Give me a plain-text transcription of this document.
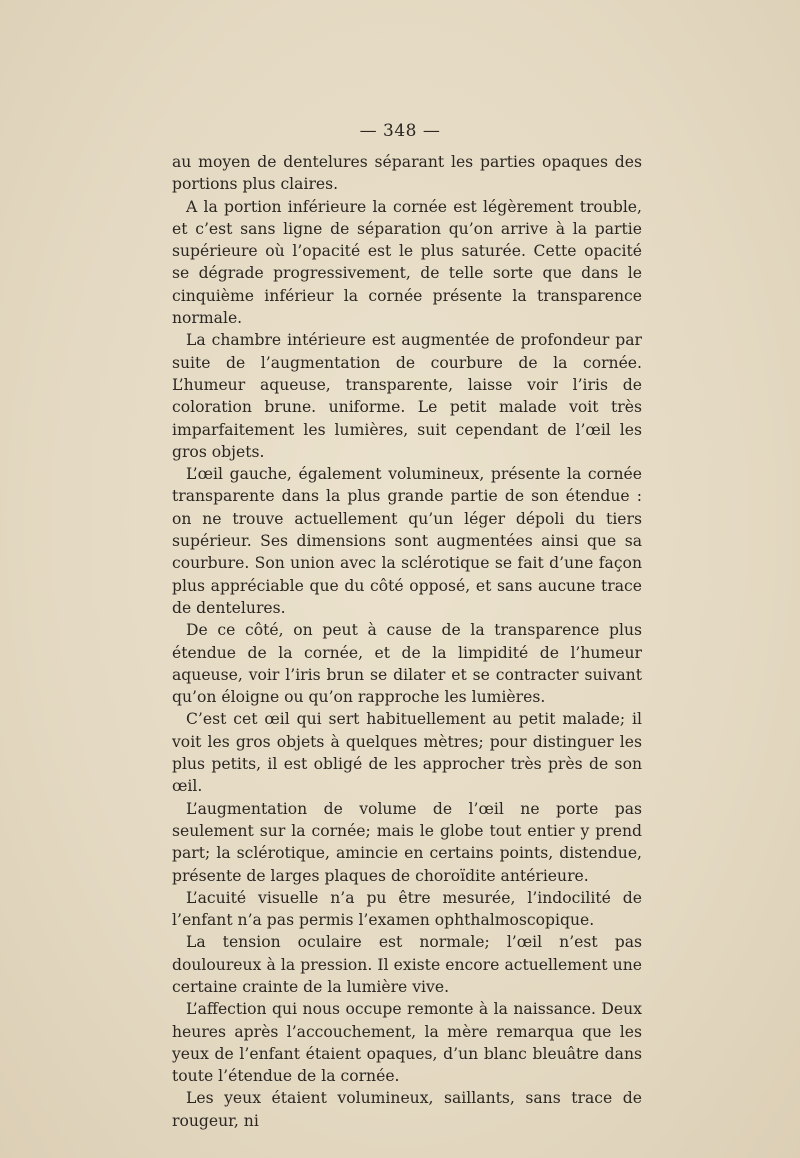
— 348 —

au moyen de dentelures séparant les parties opaques des portions plus claires.

A la portion inférieure la cornée est légèrement trouble, et c’est sans ligne de séparation qu’on arrive à la partie supérieure où l’opacité est le plus saturée. Cette opacité se dégrade progressivement, de telle sorte que dans le cinquième inférieur la cornée présente la transparence normale.

La chambre intérieure est augmentée de profondeur par suite de l’augmentation de courbure de la cornée. L’humeur aqueuse, transparente, laisse voir l’iris de coloration brune. uniforme. Le petit malade voit très imparfaitement les lumières, suit cependant de l’œil les gros objets.

L’œil gauche, également volumineux, présente la cornée transparente dans la plus grande partie de son étendue : on ne trouve actuellement qu’un léger dépoli du tiers supérieur. Ses dimensions sont augmentées ainsi que sa courbure. Son union avec la sclérotique se fait d’une façon plus appréciable que du côté opposé, et sans aucune trace de dentelures.

De ce côté, on peut à cause de la transparence plus étendue de la cornée, et de la limpidité de l’humeur aqueuse, voir l’iris brun se dilater et se contracter suivant qu’on éloigne ou qu’on rapproche les lumières.

C’est cet œil qui sert habituellement au petit malade; il voit les gros objets à quelques mètres; pour distinguer les plus petits, il est obligé de les approcher très près de son œil.

L’augmentation de volume de l’œil ne porte pas seulement sur la cornée; mais le globe tout entier y prend part; la sclérotique, amincie en certains points, distendue, présente de larges plaques de choroïdite antérieure.

L’acuité visuelle n’a pu être mesurée, l’indocilité de l’enfant n’a pas permis l’examen ophthalmoscopique.

La tension oculaire est normale; l’œil n’est pas douloureux à la pression. Il existe encore actuellement une certaine crainte de la lumière vive.

L’affection qui nous occupe remonte à la naissance. Deux heures après l’accouchement, la mère remarqua que les yeux de l’enfant étaient opaques, d’un blanc bleuâtre dans toute l’étendue de la cornée.

Les yeux étaient volumineux, saillants, sans trace de rougeur, ni
